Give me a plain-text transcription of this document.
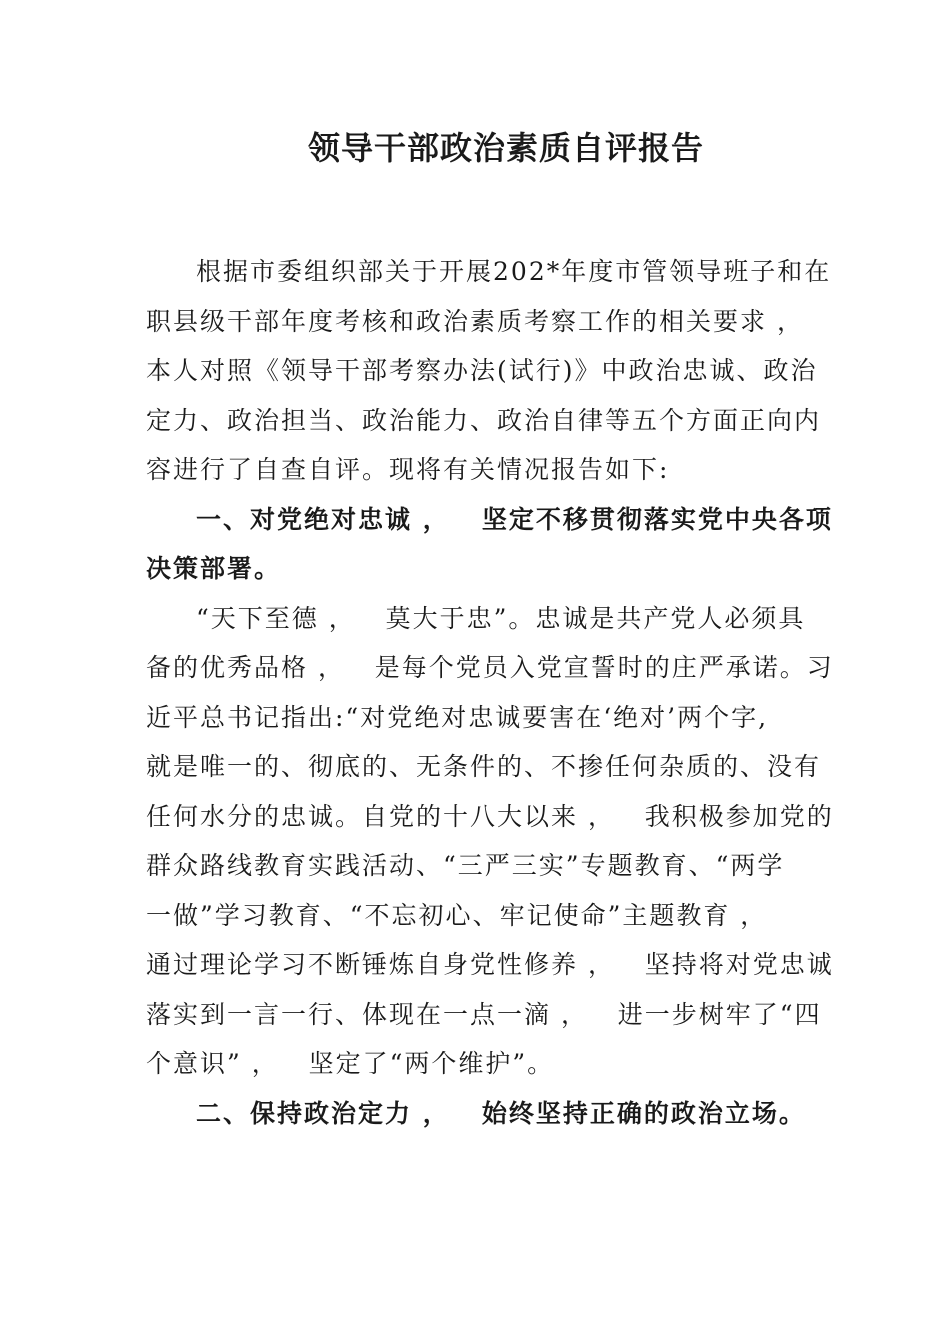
领导干部政治素质自评报告
根据市委组织部关于开展202*年度市管领导班子和在
职县级干部年度考核和政治素质考察工作的相关要求 ，
本人对照《领导干部考察办法(试行)》中政治忠诚、政治
定力、政治担当、政治能力、政治自律等五个方面正向内
容进行了自查自评。现将有关情况报告如下:
一、对党绝对忠诚 ，   坚定不移贯彻落实党中央各项
决策部署。
“天下至德 ，   莫大于忠”。忠诚是共产党人必须具
备的优秀品格 ，   是每个党员入党宣誓时的庄严承诺。习
近平总书记指出:“对党绝对忠诚要害在‘绝对’两个字,
就是唯一的、彻底的、无条件的、不掺任何杂质的、没有
任何水分的忠诚。自党的十八大以来 ，   我积极参加党的
群众路线教育实践活动、“三严三实”专题教育、“两学
一做”学习教育、“不忘初心、牢记使命”主题教育 ，
通过理论学习不断锤炼自身党性修养 ，   坚持将对党忠诚
落实到一言一行、体现在一点一滴 ，   进一步树牢了“四
个意识” ，   坚定了“两个维护”。
二、保持政治定力 ，   始终坚持正确的政治立场。
